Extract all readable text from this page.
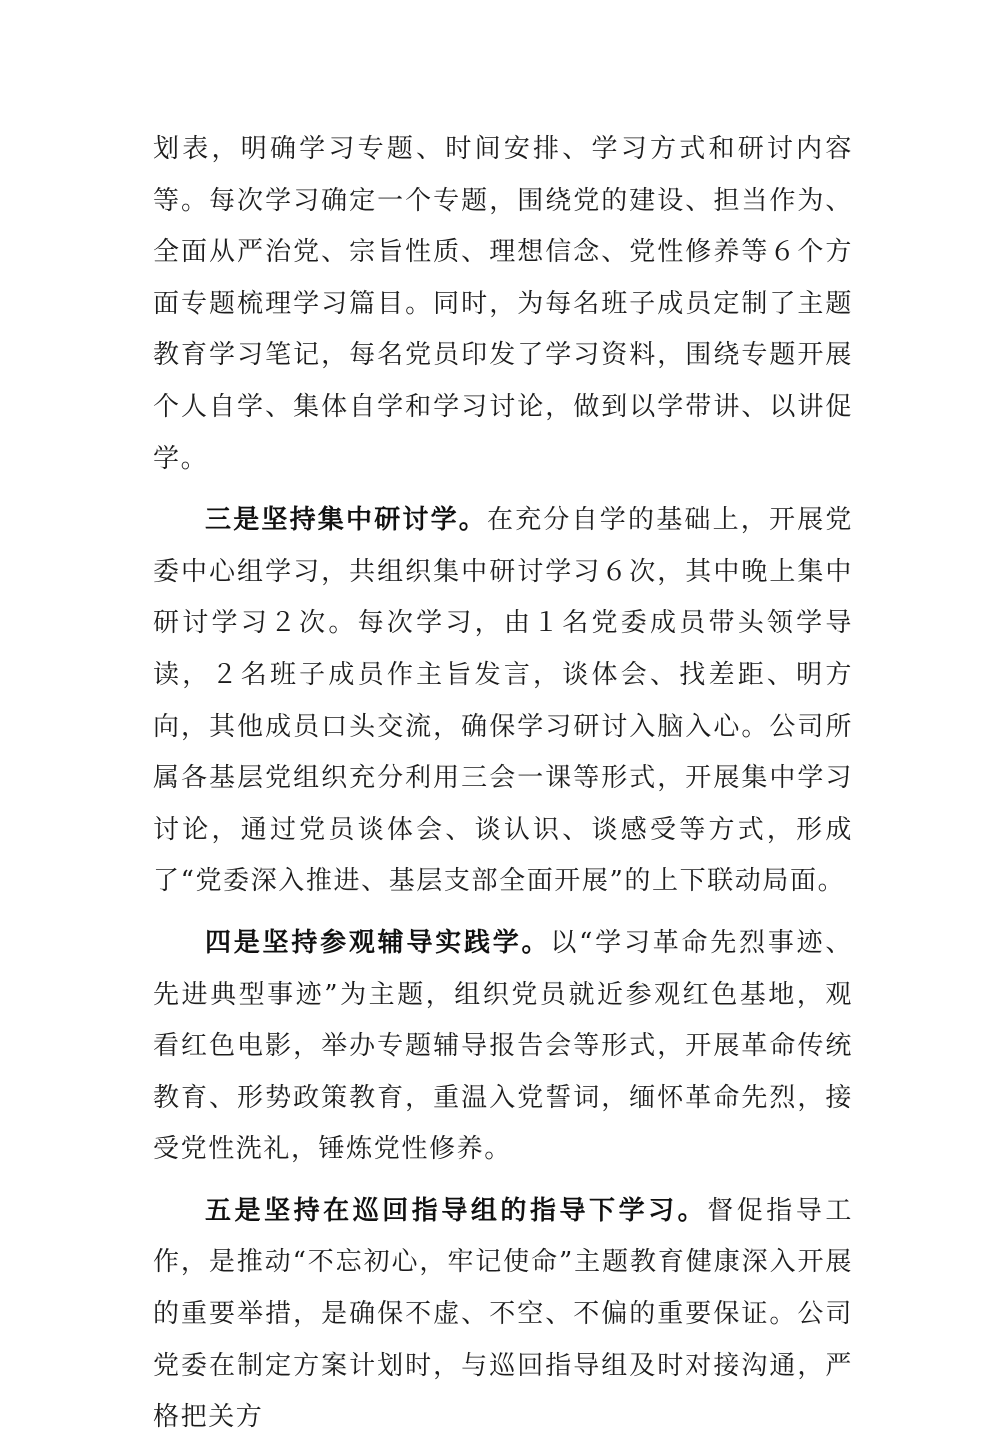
划表，明确学习专题、时间安排、学习方式和研讨内容等。每次学习确定一个专题，围绕党的建设、担当作为、全面从严治党、宗旨性质、理想信念、党性修养等６个方面专题梳理学习篇目。同时，为每名班子成员定制了主题教育学习笔记，每名党员印发了学习资料，围绕专题开展个人自学、集体自学和学习讨论，做到以学带讲、以讲促学。

三是坚持集中研讨学。在充分自学的基础上，开展党委中心组学习，共组织集中研讨学习６次，其中晚上集中研讨学习２次。每次学习，由１名党委成员带头领学导读，２名班子成员作主旨发言，谈体会、找差距、明方向，其他成员口头交流，确保学习研讨入脑入心。公司所属各基层党组织充分利用三会一课等形式，开展集中学习讨论，通过党员谈体会、谈认识、谈感受等方式，形成了“党委深入推进、基层支部全面开展”的上下联动局面。

四是坚持参观辅导实践学。以“学习革命先烈事迹、先进典型事迹”为主题，组织党员就近参观红色基地，观看红色电影，举办专题辅导报告会等形式，开展革命传统教育、形势政策教育，重温入党誓词，缅怀革命先烈，接受党性洗礼，锤炼党性修养。

五是坚持在巡回指导组的指导下学习。督促指导工作，是推动“不忘初心，牢记使命”主题教育健康深入开展的重要举措，是确保不虚、不空、不偏的重要保证。公司党委在制定方案计划时，与巡回指导组及时对接沟通，严格把关方
